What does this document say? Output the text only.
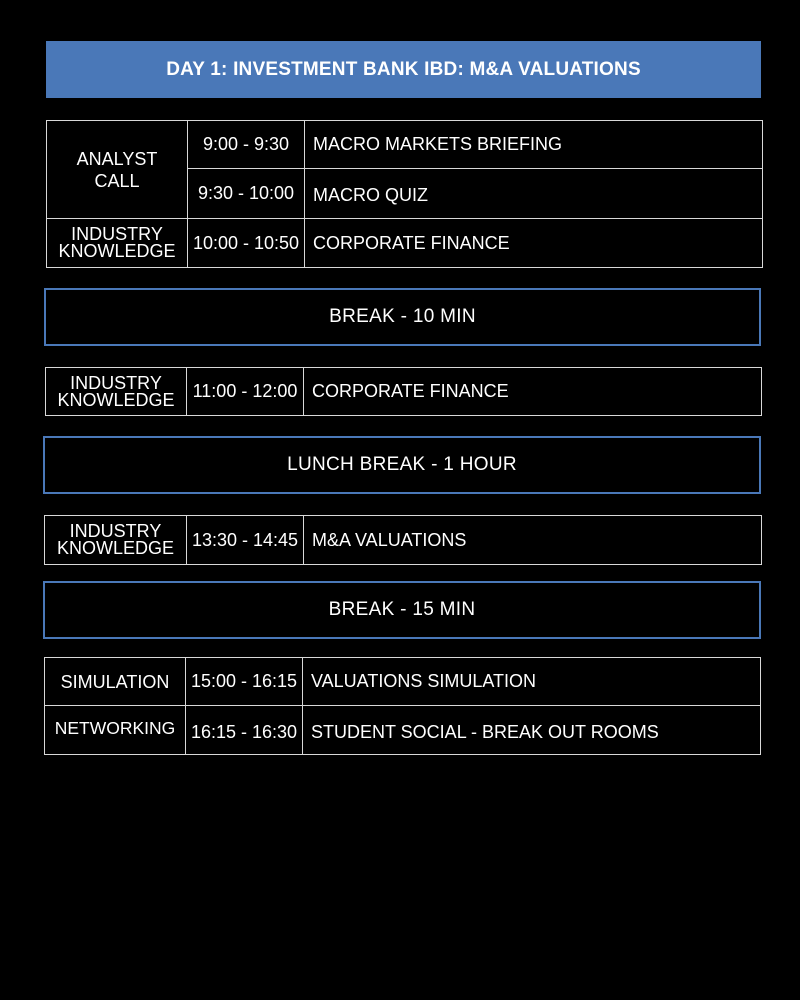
DAY 1: INVESTMENT BANK IBD: M&A VALUATIONS
ANALYST CALL	9:00 - 9:30	MACRO MARKETS BRIEFING
	9:30 - 10:00	MACRO QUIZ
INDUSTRY KNOWLEDGE	10:00 - 10:50	CORPORATE FINANCE
BREAK - 10 MIN
INDUSTRY KNOWLEDGE	11:00 - 12:00	CORPORATE FINANCE
LUNCH BREAK - 1 HOUR
INDUSTRY KNOWLEDGE	13:30 - 14:45	M&A VALUATIONS
BREAK - 15 MIN
SIMULATION	15:00 - 16:15	VALUATIONS SIMULATION
NETWORKING	16:15 - 16:30	STUDENT SOCIAL - BREAK OUT ROOMS
